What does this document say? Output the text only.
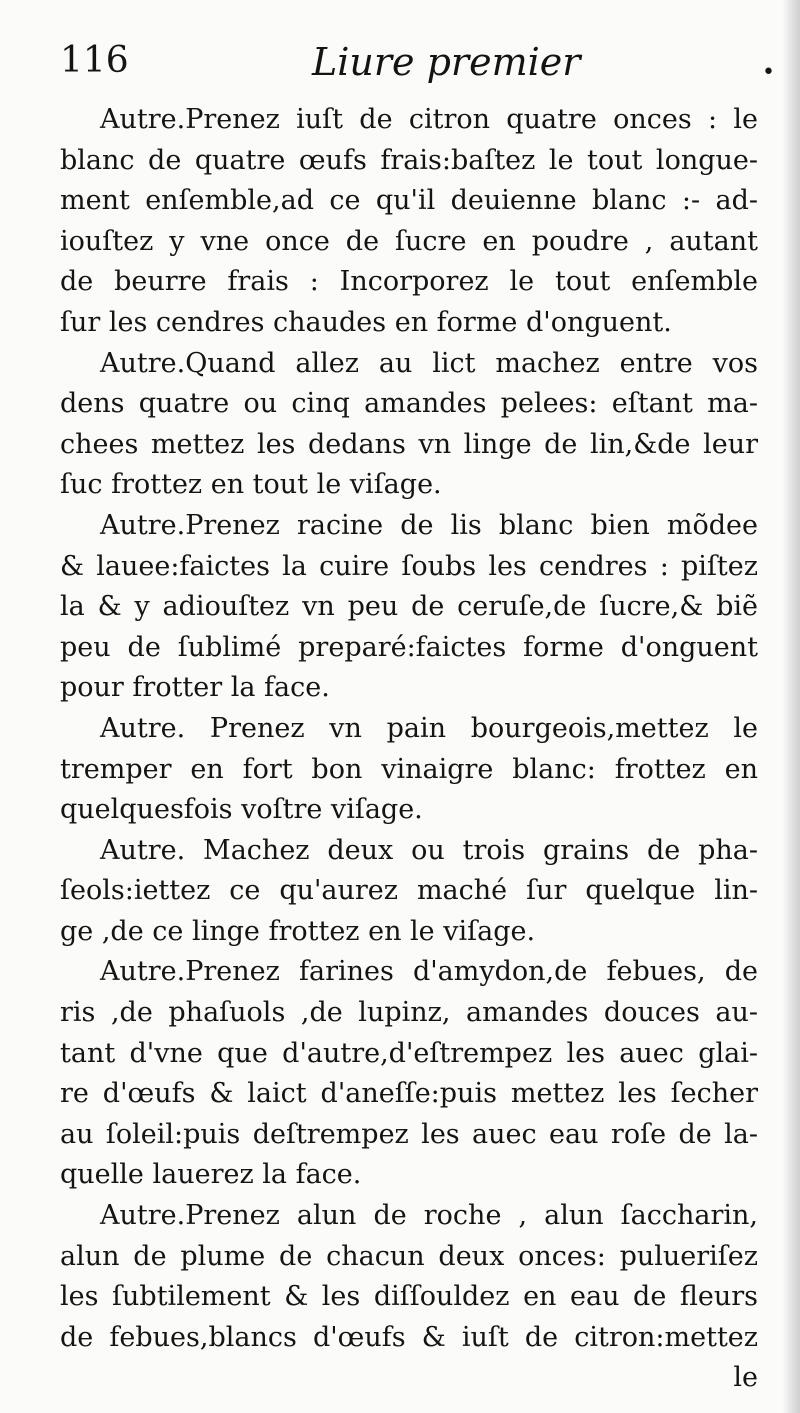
116	Liure premier	•
Autre.Prenez iuſt de citron quatre onces : le
blanc de quatre œufs frais:baſtez le tout longue-
ment enſemble,ad ce qu'il deuienne blanc :- ad-
iouſtez y vne once de ſucre en poudre , autant
de beurre frais : Incorporez le tout enſemble
ſur les cendres chaudes en forme d'onguent.
Autre.Quand allez au lict machez entre vos
dens quatre ou cinq amandes pelees: eſtant ma-
chees mettez les dedans vn linge de lin,&de leur
ſuc frottez en tout le viſage.
Autre.Prenez racine de lis blanc bien mõdee
& lauee:faictes la cuire ſoubs les cendres : piſtez
la & y adiouſtez vn peu de ceruſe,de ſucre,& biẽ
peu de ſublimé preparé:faictes forme d'onguent
pour frotter la face.
Autre. Prenez vn pain bourgeois,mettez le
tremper en fort bon vinaigre blanc: frottez en
quelquesfois voſtre viſage.
Autre. Machez deux ou trois grains de pha-
ſeols:iettez ce qu'aurez maché ſur quelque lin-
ge ,de ce linge frottez en le viſage.
Autre.Prenez farines d'amydon,de febues, de
ris ,de phaſuols ,de lupinz, amandes douces au-
tant d'vne que d'autre,d'eſtrempez les auec glai-
re d'œufs & laict d'aneſſe:puis mettez les ſecher
au ſoleil:puis deſtrempez les auec eau roſe de la-
quelle lauerez la face.
Autre.Prenez alun de roche , alun ſaccharin,
alun de plume de chacun deux onces: pulueriſez
les ſubtilement & les diſſouldez en eau de fleurs
de febues,blancs d'œufs & iuſt de citron:mettez
le
